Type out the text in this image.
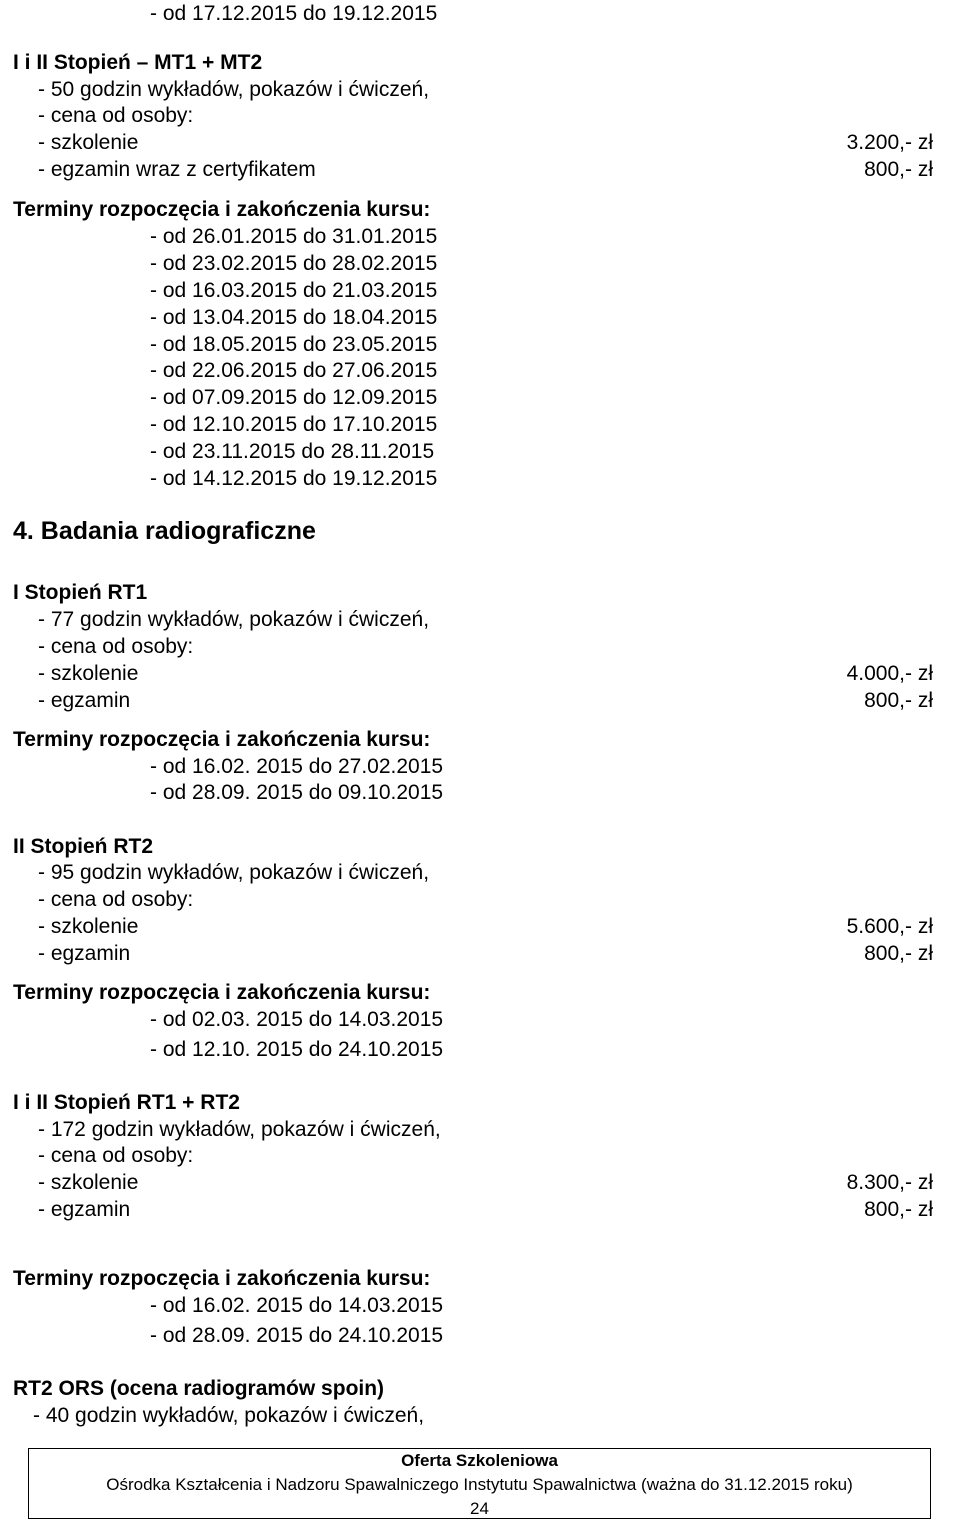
- od 17.12.2015 do 19.12.2015
I i II Stopień – MT1 + MT2
- 50 godzin wykładów, pokazów i ćwiczeń,
- cena od osoby:
- szkolenie
- egzamin wraz z certyfikatem
3.200,- zł
800,- zł
Terminy rozpoczęcia i zakończenia kursu:
- od 26.01.2015 do 31.01.2015
- od 23.02.2015 do 28.02.2015
- od 16.03.2015 do 21.03.2015
- od 13.04.2015 do 18.04.2015
- od 18.05.2015 do 23.05.2015
- od 22.06.2015 do 27.06.2015
- od 07.09.2015 do 12.09.2015
- od 12.10.2015 do 17.10.2015
- od 23.11.2015 do 28.11.2015
- od 14.12.2015 do 19.12.2015
4. Badania radiograficzne
I Stopień RT1
- 77 godzin wykładów, pokazów i ćwiczeń,
- cena od osoby:
- szkolenie
- egzamin
4.000,- zł
800,- zł
Terminy rozpoczęcia i zakończenia kursu:
- od 16.02. 2015 do 27.02.2015
- od 28.09. 2015 do 09.10.2015
II Stopień RT2
- 95 godzin wykładów, pokazów i ćwiczeń,
- cena od osoby:
- szkolenie
- egzamin
5.600,- zł
800,- zł
Terminy rozpoczęcia i zakończenia kursu:
- od 02.03. 2015 do 14.03.2015
- od 12.10. 2015 do 24.10.2015
I i II Stopień RT1 + RT2
- 172 godzin wykładów, pokazów i ćwiczeń,
- cena od osoby:
- szkolenie
- egzamin
8.300,- zł
800,- zł
Terminy rozpoczęcia i zakończenia kursu:
- od 16.02. 2015 do 14.03.2015
- od 28.09. 2015 do 24.10.2015
RT2 ORS (ocena radiogramów spoin)
- 40 godzin wykładów, pokazów i ćwiczeń,
Oferta Szkoleniowa
Ośrodka Kształcenia i Nadzoru Spawalniczego Instytutu Spawalnictwa (ważna do 31.12.2015 roku)
24
